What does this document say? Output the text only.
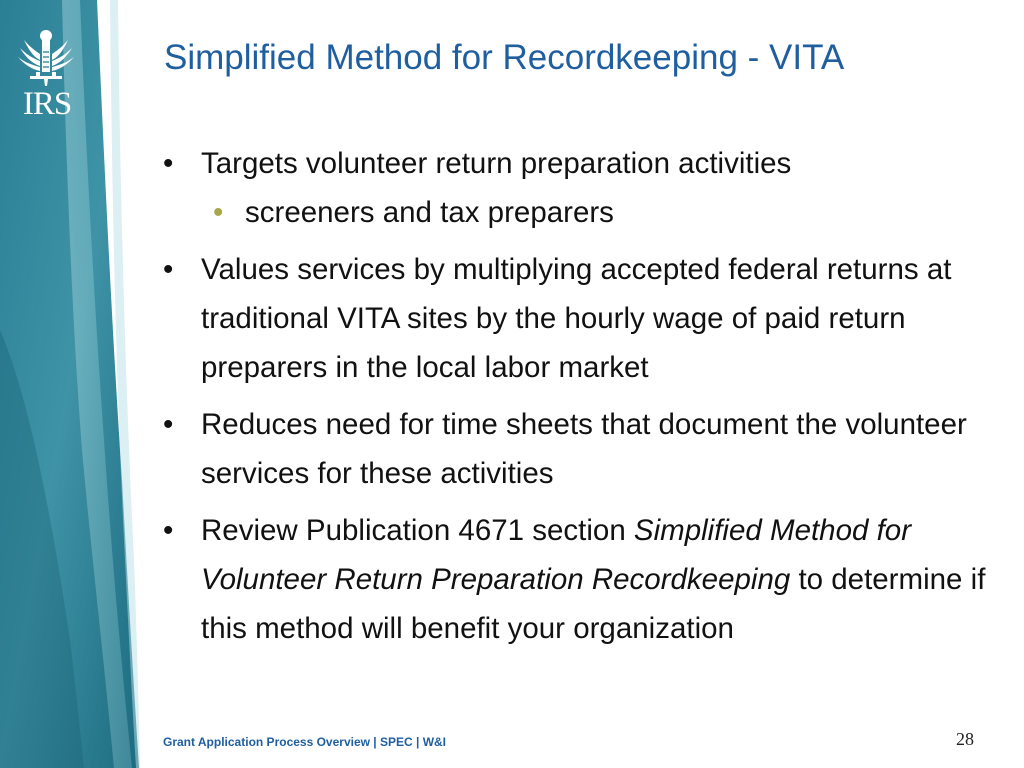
IRS
Simplified Method for Recordkeeping - VITA
• Targets volunteer return preparation activities
• screeners and tax preparers
• Values services by multiplying accepted federal returns at traditional VITA sites by the hourly wage of paid return preparers in the local labor market
• Reduces need for time sheets that document the volunteer services for these activities
• Review Publication 4671 section Simplified Method for Volunteer Return Preparation Recordkeeping to determine if this method will benefit your organization
Grant Application Process Overview | SPEC | W&I	28
